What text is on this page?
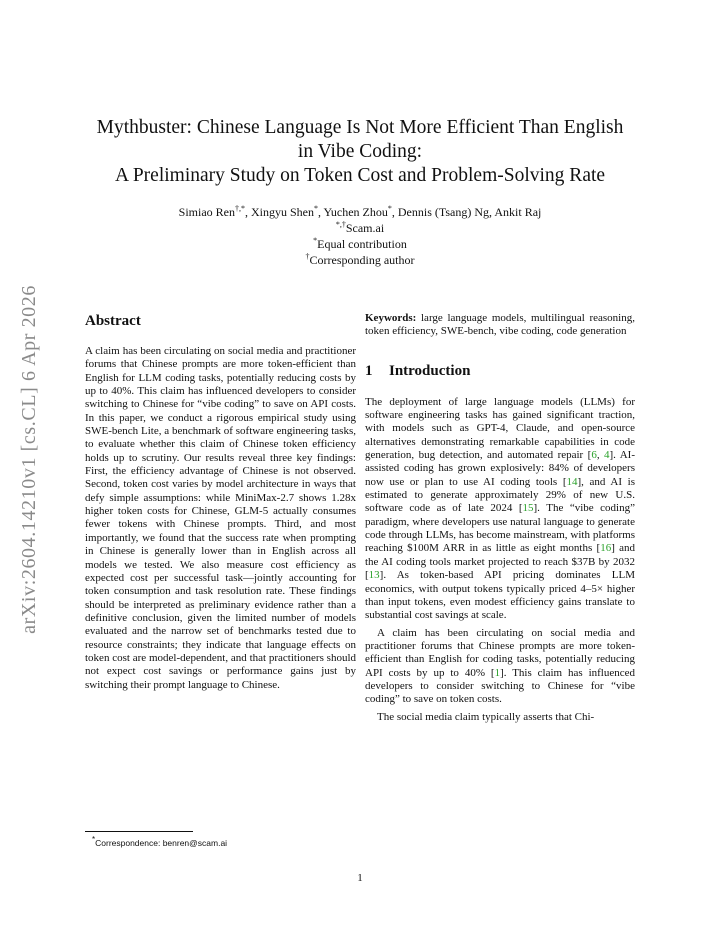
arXiv:2604.14210v1 [cs.CL] 6 Apr 2026
Mythbuster: Chinese Language Is Not More Efficient Than English
in Vibe Coding:
A Preliminary Study on Token Cost and Problem-Solving Rate
Simiao Ren†,*, Xingyu Shen*, Yuchen Zhou*, Dennis (Tsang) Ng, Ankit Raj
*,†Scam.ai
*Equal contribution
†Corresponding author
Abstract

A claim has been circulating on social media and practitioner forums that Chinese prompts are more token-efficient than English for LLM coding tasks, potentially reducing costs by up to 40%. This claim has influenced developers to consider switching to Chinese for “vibe coding” to save on API costs. In this paper, we conduct a rigorous empirical study using SWE-bench Lite, a benchmark of software engineering tasks, to evaluate whether this claim of Chinese token efficiency holds up to scrutiny. Our results reveal three key findings: First, the efficiency advantage of Chinese is not observed. Second, token cost varies by model architecture in ways that defy simple assumptions: while MiniMax-2.7 shows 1.28x higher token costs for Chinese, GLM-5 actually consumes fewer tokens with Chinese prompts. Third, and most importantly, we found that the success rate when prompting in Chinese is generally lower than in English across all models we tested. We also measure cost efficiency as expected cost per successful task—jointly accounting for token consumption and task resolution rate. These findings should be interpreted as preliminary evidence rather than a definitive conclusion, given the limited number of models evaluated and the narrow set of benchmarks tested due to resource constraints; they indicate that language effects on token cost are model-dependent, and that practitioners should not expect cost savings or performance gains just by switching their prompt language to Chinese.

Keywords: large language models, multilingual reasoning, token efficiency, SWE-bench, vibe coding, code generation

1 Introduction

The deployment of large language models (LLMs) for software engineering tasks has gained significant traction, with models such as GPT-4, Claude, and open-source alternatives demonstrating remarkable capabilities in code generation, bug detection, and automated repair [6, 4]. AI-assisted coding has grown explosively: 84% of developers now use or plan to use AI coding tools [14], and AI is estimated to generate approximately 29% of new U.S. software code as of late 2024 [15]. The “vibe coding” paradigm, where developers use natural language to generate code through LLMs, has become mainstream, with platforms reaching $100M ARR in as little as eight months [16] and the AI coding tools market projected to reach $37B by 2032 [13]. As token-based API pricing dominates LLM economics, with output tokens typically priced 4–5× higher than input tokens, even modest efficiency gains translate to substantial cost savings at scale.

A claim has been circulating on social media and practitioner forums that Chinese prompts are more token-efficient than English for coding tasks, potentially reducing API costs by up to 40% [1]. This claim has influenced developers to consider switching to Chinese for “vibe coding” to save on token costs.

The social media claim typically asserts that Chi-

*Correspondence: benren@scam.ai
1
